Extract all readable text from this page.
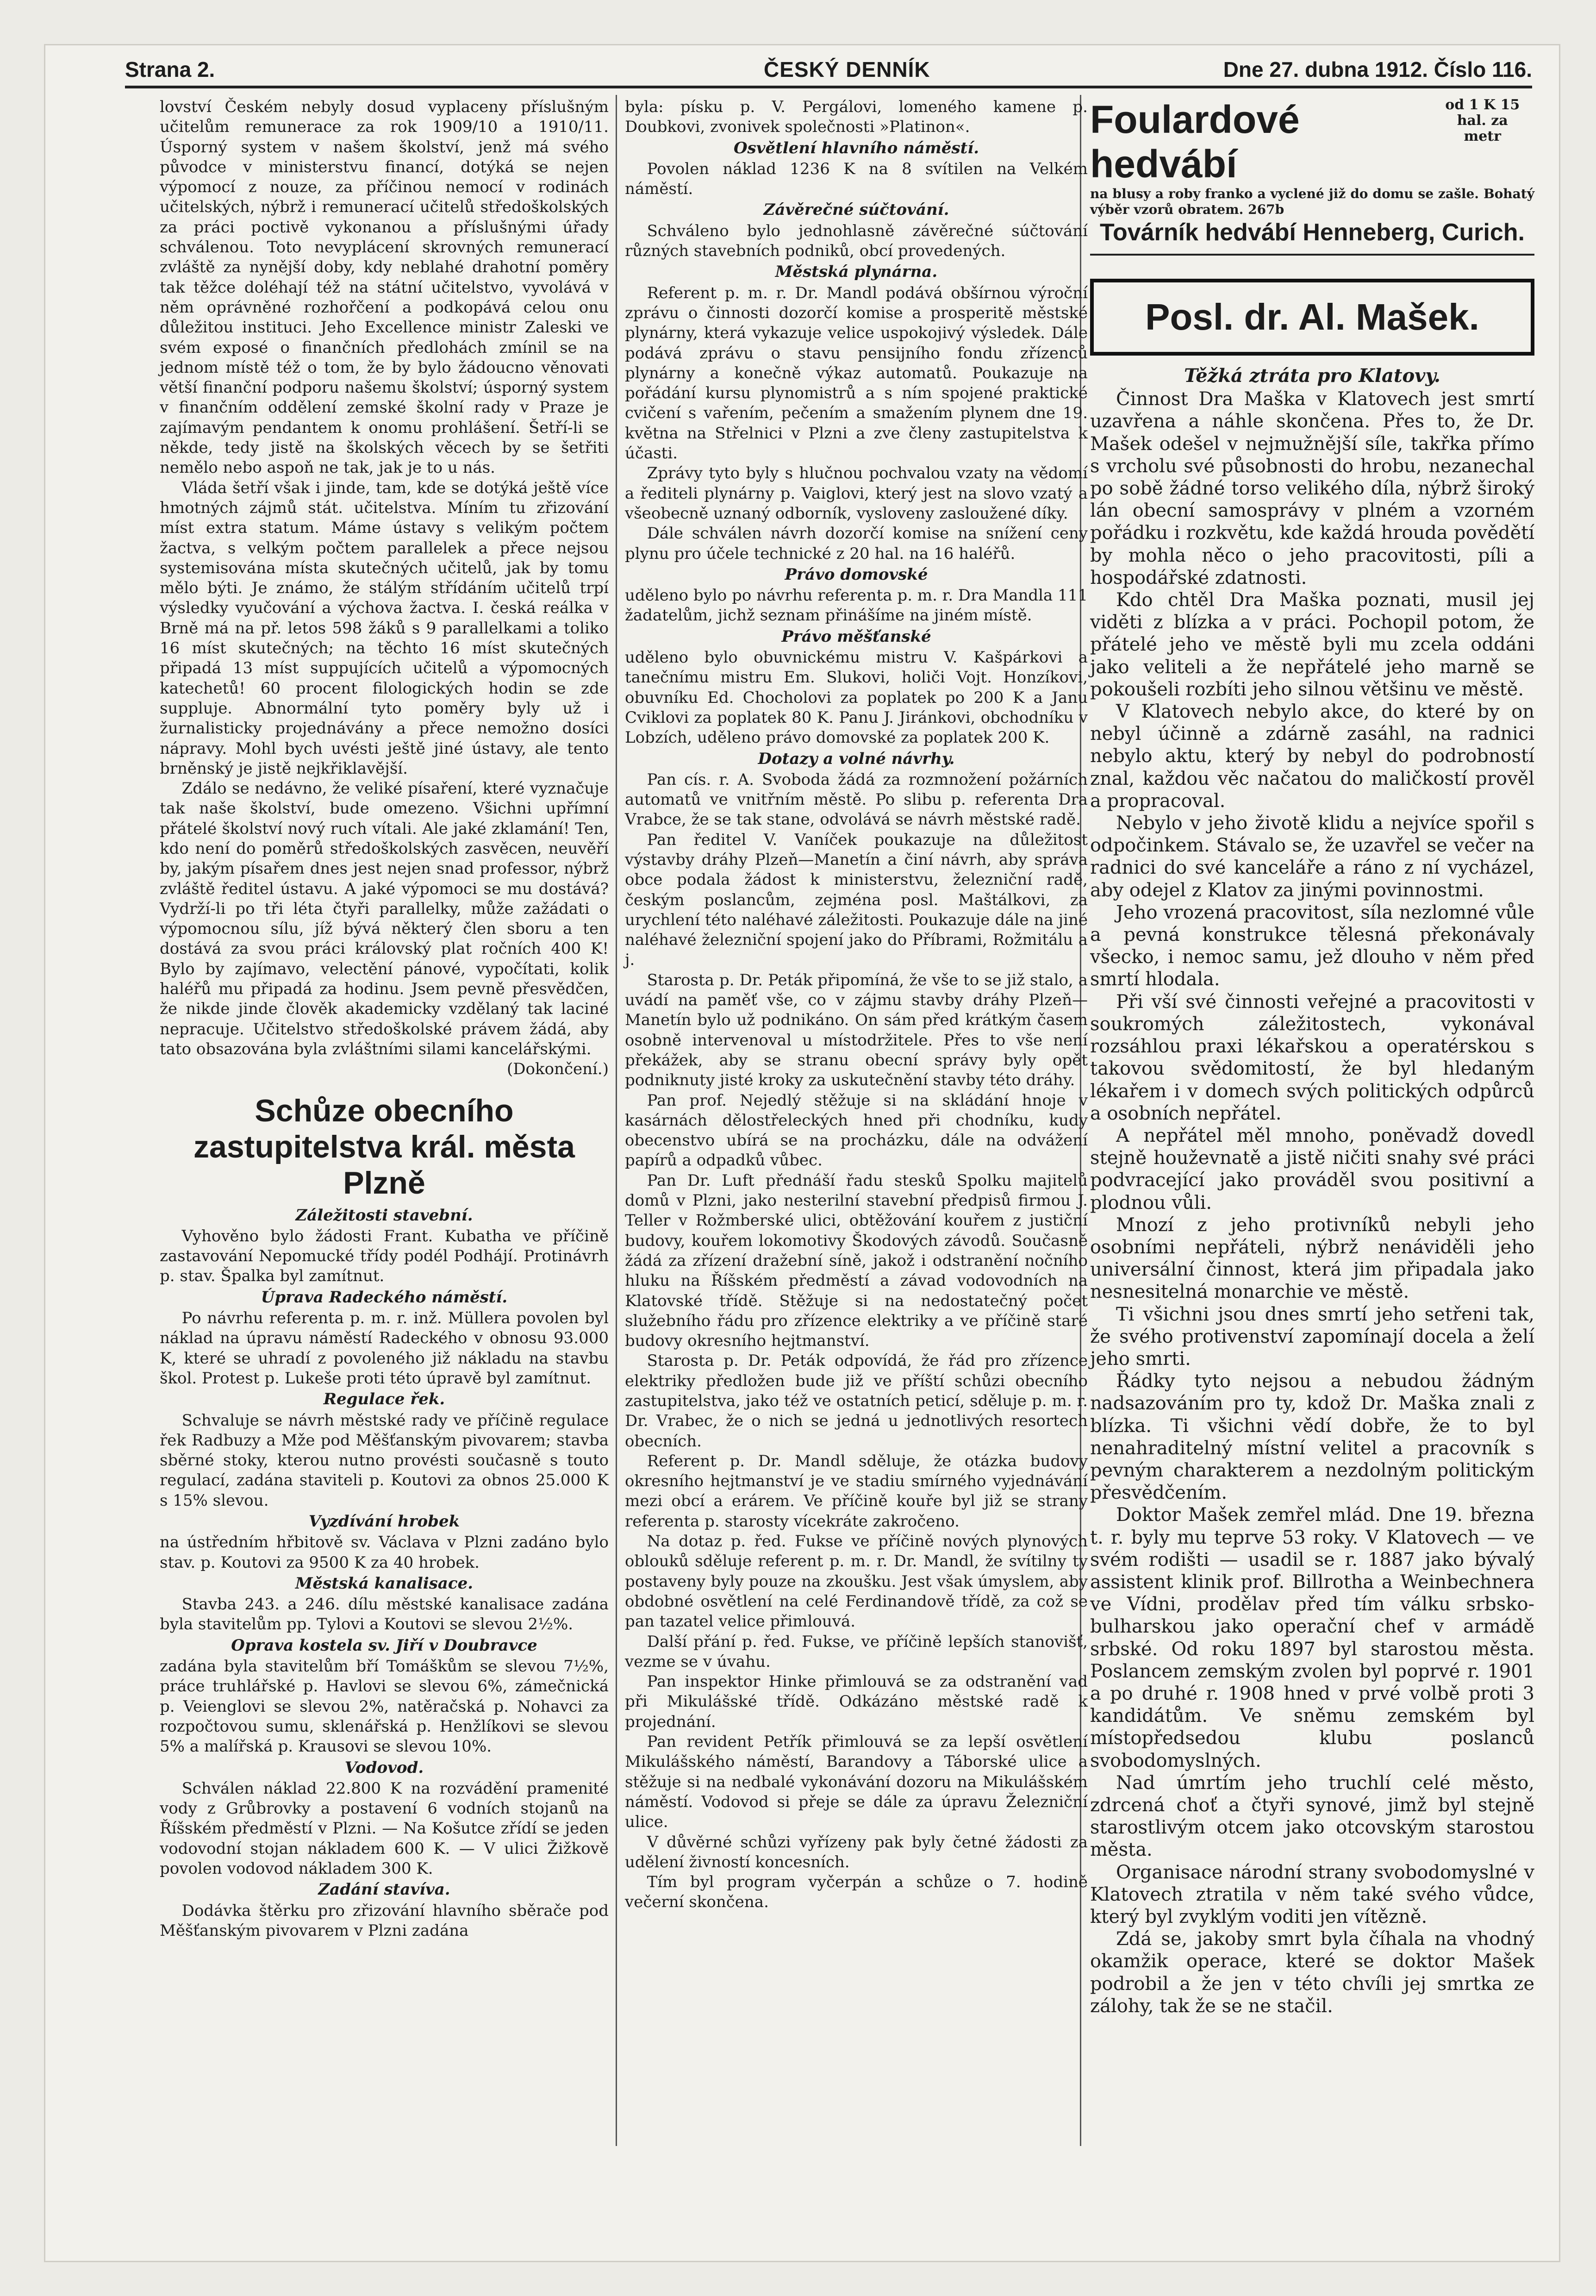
Strana 2.	ČESKÝ DENNÍK	Dne 27. dubna 1912. Číslo 116.

lovství Českém nebyly dosud vyplaceny příslušným učitelům remunerace za rok 1909/10 a 1910/11. Úsporný system v našem školství, jenž má svého původce v ministerstvu financí, dotýká se nejen výpomocí z nouze, za příčinou nemocí v rodinách učitelských, nýbrž i remunerací učitelů středoškolských za práci poctivě vykonanou a příslušnými úřady schválenou. Toto nevyplácení skrovných remunerací zvláště za nynější doby, kdy neblahé drahotní poměry tak těžce doléhají též na státní učitelstvo, vyvolává v něm oprávněné rozhořčení a podkopává celou onu důležitou instituci. Jeho Excellence ministr Zaleski ve svém exposé o finančních předlohách zmínil se na jednom místě též o tom, že by bylo žádoucno věnovati větší finanční podporu našemu školství; úsporný system v finančním oddělení zemské školní rady v Praze je zajímavým pendantem k onomu prohlášení. Šetří-li se někde, tedy jistě na školských věcech by se šetřiti nemělo nebo aspoň ne tak, jak je to u nás.

Vláda šetří však i jinde, tam, kde se dotýká ještě více hmotných zájmů stát. učitelstva. Míním tu zřizování míst extra statum. Máme ústavy s velikým počtem žactva, s velkým počtem parallelek a přece nejsou systemisována místa skutečných učitelů, jak by tomu mělo býti. Je známo, že stálým střídáním učitelů trpí výsledky vyučování a výchova žactva. I. česká reálka v Brně má na př. letos 598 žáků s 9 parallelkami a toliko 16 míst skutečných; na těchto 16 míst skutečných připadá 13 míst suppujících učitelů a výpomocných katechetů! 60 procent filologických hodin se zde suppluje. Abnormální tyto poměry byly už i žurnalisticky projednávány a přece nemožno dosíci nápravy. Mohl bych uvésti ještě jiné ústavy, ale tento brněnský je jistě nejkřiklavější.

Zdálo se nedávno, že veliké písaření, které vyznačuje tak naše školství, bude omezeno. Všichni upřímní přátelé školství nový ruch vítali. Ale jaké zklamání! Ten, kdo není do poměrů středoškolských zasvěcen, neuvěří by, jakým písařem dnes jest nejen snad professor, nýbrž zvláště ředitel ústavu. A jaké výpomoci se mu dostává? Vydrží-li po tři léta čtyři parallelky, může zažádati o výpomocnou sílu, jíž bývá některý člen sboru a ten dostává za svou práci královský plat ročních 400 K! Bylo by zajímavo, velectění pánové, vypočítati, kolik haléřů mu připadá za hodinu. Jsem pevně přesvědčen, že nikde jinde člověk akademicky vzdělaný tak laciné nepracuje. Učitelstvo středoškolské právem žádá, aby tato obsazována byla zvláštními silami kancelářskými.

(Dokončení.)
Schůze obecního zastupitelstva král. města Plzně
Záležitosti stavební.

Vyhověno bylo žádosti Frant. Kubatha ve příčině zastavování Nepomucké třídy podél Podhájí. Protinávrh p. stav. Špalka byl zamítnut.

Úprava Radeckého náměstí.

Po návrhu referenta p. m. r. inž. Müllera povolen byl náklad na úpravu náměstí Radeckého v obnosu 93.000 K, které se uhradí z povoleného již nákladu na stavbu škol. Protest p. Lukeše proti této úpravě byl zamítnut.

Regulace řek.

Schvaluje se návrh městské rady ve příčině regulace řek Radbuzy a Mže pod Měšťanským pivovarem; stavba sběrné stoky, kterou nutno provésti současně s touto regulací, zadána staviteli p. Koutovi za obnos 25.000 K s 15% slevou.

Vyzdívání hrobek

na ústředním hřbitově sv. Václava v Plzni zadáno bylo stav. p. Koutovi za 9500 K za 40 hrobek.

Městská kanalisace.

Stavba 243. a 246. dílu městské kanalisace zadána byla stavitelům pp. Tylovi a Koutovi se slevou 2½%.

Oprava kostela sv. Jiří v Doubravce

zadána byla stavitelům bří Tomáškům se slevou 7½%, práce truhlářské p. Havlovi se slevou 6%, zámečnická p. Veienglovi se slevou 2%, natěračská p. Nohavci za rozpočtovou sumu, sklenářská p. Henžlíkovi se slevou 5% a malířská p. Krausovi se slevou 10%.

Vodovod.

Schválen náklad 22.800 K na rozvádění pramenité vody z Grůbrovky a postavení 6 vodních stojanů na Říšském předměstí v Plzni. — Na Košutce zřídí se jeden vodovodní stojan nákladem 600 K. — V ulici Žižkově povolen vodovod nákladem 300 K.

Zadání stavíva.

Dodávka štěrku pro zřizování hlavního sběrače pod Měšťanským pivovarem v Plzni zadána

byla: písku p. V. Pergálovi, lomeného kamene p. Doubkovi, zvonivek společnosti »Platinon«.

Osvětlení hlavního náměstí.

Povolen náklad 1236 K na 8 svítilen na Velkém náměstí.

Závěrečné súčtování.

Schváleno bylo jednohlasně závěrečné súčtování různých stavebních podniků, obcí provedených.

Městská plynárna.

Referent p. m. r. Dr. Mandl podává obšírnou výroční zprávu o činnosti dozorčí komise a prosperitě městské plynárny, která vykazuje velice uspokojivý výsledek. Dále podává zprávu o stavu pensijního fondu zřízenců plynárny a konečně výkaz automatů. Poukazuje na pořádání kursu plynomistrů a s ním spojené praktické cvičení s vařením, pečením a smažením plynem dne 19. května na Střelnici v Plzni a zve členy zastupitelstva k účasti.

Zprávy tyto byly s hlučnou pochvalou vzaty na vědomí a řediteli plynárny p. Vaiglovi, který jest na slovo vzatý a všeobecně uznaný odborník, vysloveny zasloužené díky.

Dále schválen návrh dozorčí komise na snížení ceny plynu pro účele technické z 20 hal. na 16 haléřů.

Právo domovské

uděleno bylo po návrhu referenta p. m. r. Dra Mandla 111 žadatelům, jichž seznam přinášíme na jiném místě.

Právo měšťanské

uděleno bylo obuvnickému mistru V. Kašpárkovi a tanečnímu mistru Em. Slukovi, holiči Vojt. Honzíkovi, obuvníku Ed. Chocholovi za poplatek po 200 K a Janu Cviklovi za poplatek 80 K. Panu J. Jiránkovi, obchodníku v Lobzích, uděleno právo domovské za poplatek 200 K.

Dotazy a volné návrhy.

Pan cís. r. A. Svoboda žádá za rozmnožení požárních automatů ve vnitřním městě. Po slibu p. referenta Dra Vrabce, že se tak stane, odvolává se návrh městské radě.

Pan ředitel V. Vaníček poukazuje na důležitost výstavby dráhy Plzeň—Manetín a činí návrh, aby správa obce podala žádost k ministerstvu, železniční radě, českým poslancům, zejména posl. Maštálkovi, za urychlení této naléhavé záležitosti. Poukazuje dále na jiné naléhavé železniční spojení jako do Příbrami, Rožmitálu a j.

Starosta p. Dr. Peták připomíná, že vše to se již stalo, a uvádí na paměť vše, co v zájmu stavby dráhy Plzeň—Manetín bylo už podnikáno. On sám před krátkým časem osobně intervenoval u místodržitele. Přes to vše není překážek, aby se stranu obecní správy byly opět podniknuty jisté kroky za uskutečnění stavby této dráhy.

Pan prof. Nejedlý stěžuje si na skládání hnoje v kasárnách dělostřeleckých hned při chodníku, kudy obecenstvo ubírá se na procházku, dále na odvážení papírů a odpadků vůbec.

Pan Dr. Luft přednáší řadu stesků Spolku majitelů domů v Plzni, jako nesterilní stavební předpisů firmou J. Teller v Rožmberské ulici, obtěžování kouřem z justiční budovy, kouřem lokomotivy Škodových závodů. Současně žádá za zřízení dražební síně, jakož i odstranění nočního hluku na Říšském předměstí a závad vodovodních na Klatovské třídě. Stěžuje si na nedostatečný počet služebního řádu pro zřízence elektriky a ve příčině staré budovy okresního hejtmanství.

Starosta p. Dr. Peták odpovídá, že řád pro zřízence elektriky předložen bude již ve příští schůzi obecního zastupitelstva, jako též ve ostatních peticí, sděluje p. m. r. Dr. Vrabec, že o nich se jedná u jednotlivých resortech obecních.

Referent p. Dr. Mandl sděluje, že otázka budovy okresního hejtmanství je ve stadiu smírného vyjednávání mezi obcí a erárem. Ve příčině kouře byl již se strany referenta p. starosty vícekráte zakročeno.

Na dotaz p. řed. Fukse ve příčině nových plynových oblouků sděluje referent p. m. r. Dr. Mandl, že svítilny ty postaveny byly pouze na zkoušku. Jest však úmyslem, aby obdobné osvětlení na celé Ferdinandově třídě, za což se pan tazatel velice přimlouvá.

Další přání p. řed. Fukse, ve příčině lepších stanovišť, vezme se v úvahu.

Pan inspektor Hinke přimlouvá se za odstranění vad při Mikulášské třídě. Odkázáno městské radě k projednání.

Pan revident Petřík přimlouvá se za lepší osvětlení Mikulášského náměstí, Barandovy a Táborské ulice a stěžuje si na nedbalé vykonávání dozoru na Mikulášském náměstí. Vodovod si přeje se dále za úpravu Železniční ulice.

V důvěrné schůzi vyřízeny pak byly četné žádosti za udělení živností koncesních.

Tím byl program vyčerpán a schůze o 7. hodině večerní skončena.

Foulardové hedvábí od 1 K 15 hal. za metr
na blusy a roby franko a vyclené již do domu se zašle. Bohatý výběr vzorů obratem. 267b
Továrník hedvábí Henneberg, Curich.
Posl. dr. Al. Mašek.
Těžká ztráta pro Klatovy.

Činnost Dra Maška v Klatovech jest smrtí uzavřena a náhle skončena. Přes to, že Dr. Mašek odešel v nejmužnější síle, takřka přímo s vrcholu své působnosti do hrobu, nezanechal po sobě žádné torso velikého díla, nýbrž široký lán obecní samosprávy v plném a vzorném pořádku i rozkvětu, kde každá hrouda povědětí by mohla něco o jeho pracovitosti, píli a hospodářské zdatnosti.

Kdo chtěl Dra Maška poznati, musil jej viděti z blízka a v práci. Pochopil potom, že přátelé jeho ve městě byli mu zcela oddáni jako veliteli a že nepřátelé jeho marně se pokoušeli rozbíti jeho silnou většinu ve městě.

V Klatovech nebylo akce, do které by on nebyl účinně a zdárně zasáhl, na radnici nebylo aktu, který by nebyl do podrobností znal, každou věc načatou do maličkostí prověl a propracoval.

Nebylo v jeho životě klidu a nejvíce spořil s odpočinkem. Stávalo se, že uzavřel se večer na radnici do své kanceláře a ráno z ní vycházel, aby odejel z Klatov za jinými povinnostmi.

Jeho vrozená pracovitost, síla nezlomné vůle a pevná konstrukce tělesná překonávaly všecko, i nemoc samu, jež dlouho v něm před smrtí hlodala.

Při vší své činnosti veřejné a pracovitosti v soukromých záležitostech, vykonával rozsáhlou praxi lékařskou a operatérskou s takovou svědomitostí, že byl hledaným lékařem i v domech svých politických odpůrců a osobních nepřátel.

A nepřátel měl mnoho, poněvadž dovedl stejně houževnatě a jistě ničiti snahy své práci podvracející jako prováděl svou positivní a plodnou vůli.

Mnozí z jeho protivníků nebyli jeho osobními nepřáteli, nýbrž nenáviděli jeho universální činnost, která jim připadala jako nesnesitelná monarchie ve městě.

Ti všichni jsou dnes smrtí jeho setřeni tak, že svého protivenství zapomínají docela a želí jeho smrti.

Řádky tyto nejsou a nebudou žádným nadsazováním pro ty, kdož Dr. Maška znali z blízka. Ti všichni vědí dobře, že to byl nenahraditelný místní velitel a pracovník s pevným charakterem a nezdolným politickým přesvědčením.

Doktor Mašek zemřel mlád. Dne 19. března t. r. byly mu teprve 53 roky. V Klatovech — ve svém rodišti — usadil se r. 1887 jako bývalý assistent klinik prof. Billrotha a Weinbechnera ve Vídni, prodělav před tím válku srbsko-bulharskou jako operační chef v armádě srbské. Od roku 1897 byl starostou města. Poslancem zemským zvolen byl poprvé r. 1901 a po druhé r. 1908 hned v prvé volbě proti 3 kandidátům. Ve sněmu zemském byl místopředsedou klubu poslanců svobodomyslných.

Nad úmrtím jeho truchlí celé město, zdrcená choť a čtyři synové, jimž byl stejně starostlivým otcem jako otcovským starostou města.

Organisace národní strany svobodomyslné v Klatovech ztratila v něm také svého vůdce, který byl zvyklým voditi jen vítězně.

Zdá se, jakoby smrt byla číhala na vhodný okamžik operace, které se doktor Mašek podrobil a že jen v této chvíli jej smrtka ze zálohy, tak že se ne stačil.
